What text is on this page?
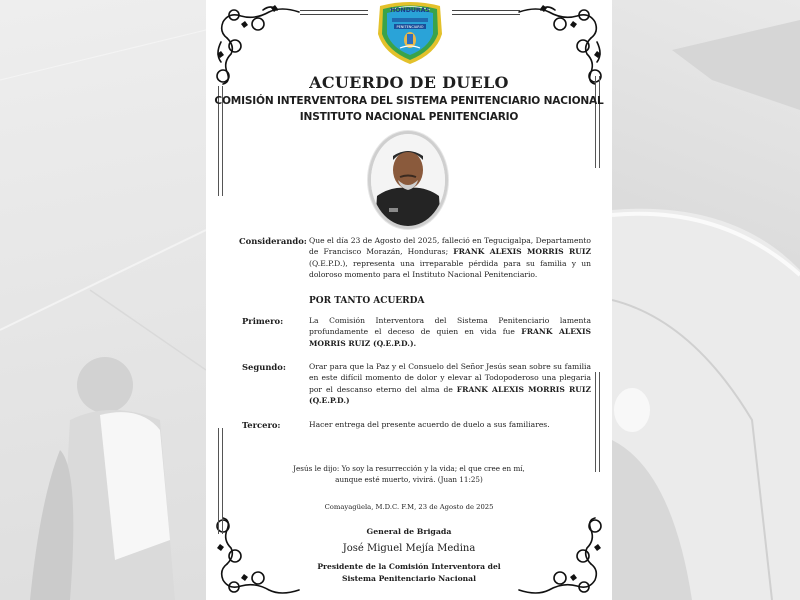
HONDURAS
PENITENCIARIO
ACUERDO DE DUELO
COMISIÓN INTERVENTORA DEL SISTEMA PENITENCIARIO NACIONAL
INSTITUTO NACIONAL PENITENCIARIO
Considerando: Que el día 23 de Agosto del 2025, falleció en Tegucigalpa, Departamento de Francisco Morazán, Honduras; FRANK ALEXIS MORRIS RUIZ (Q.E.P.D.), representa una irreparable pérdida para su familia y un doloroso momento para el Instituto Nacional Penitenciario.
POR TANTO ACUERDA
Primero:	La Comisión Interventora del Sistema Penitenciario lamenta profundamente el deceso de quien en vida fue FRANK ALEXIS MORRIS RUIZ (Q.E.P.D.).
Segundo:	Orar para que la Paz y el Consuelo del Señor Jesús sean sobre su familia en este difícil momento de dolor y elevar al Todopoderoso una plegaria por el descanso eterno del alma de FRANK ALEXIS MORRIS RUIZ (Q.E.P.D.)
Tercero:	Hacer entrega del presente acuerdo de duelo a sus familiares.
Jesús le dijo: Yo soy la resurrección y la vida; el que cree en mí,
aunque esté muerto, vivirá. (Juan 11:25)
Comayagüela, M.D.C. F.M, 23 de Agosto de 2025
General de Brigada
José Miguel Mejía Medina
Presidente de la Comisión Interventora del
Sistema Penitenciario Nacional
